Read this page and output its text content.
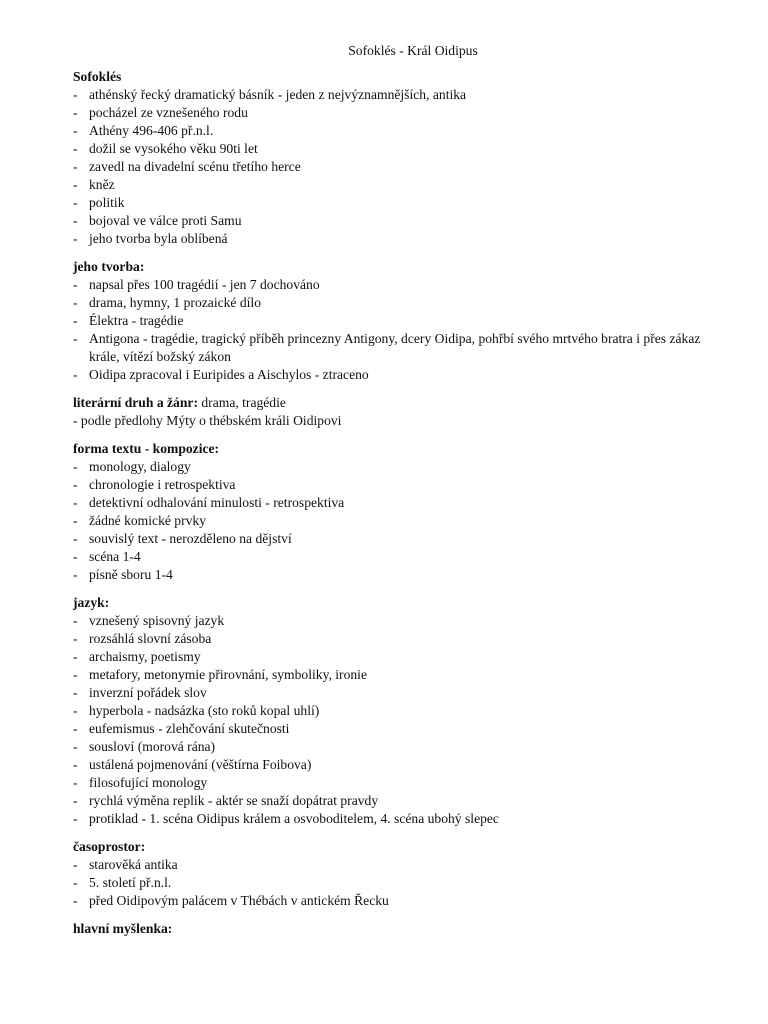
Sofoklés - Král Oidipus
Sofoklés
- athénský řecký dramatický básník - jeden z nejvýznamnějších, antika
- pocházel ze vznešeného rodu
- Athény 496-406 př.n.l.
- dožil se vysokého věku 90ti let
- zavedl na divadelní scénu třetího herce
- kněz
- politik
- bojoval ve válce proti Samu
- jeho tvorba byla oblíbená
jeho tvorba:
- napsal přes 100 tragédií - jen 7 dochováno
- drama, hymny, 1 prozaické dílo
- Élektra - tragédie
- Antigona - tragédie, tragický příběh princezny Antigony, dcery Oidipa, pohřbí svého mrtvého bratra i přes zákaz krále, vítězí božský zákon
- Oidipa zpracoval i Euripides a Aischylos - ztraceno
literární druh a žánr: drama, tragédie
- podle předlohy Mýty o thébském králi Oidipovi
forma textu - kompozice:
- monology, dialogy
- chronologie i retrospektiva
- detektivní odhalování minulosti - retrospektiva
- žádné komické prvky
- souvislý text - nerozděleno na dějství
- scéna 1-4
- písně sboru 1-4
jazyk:
- vznešený spisovný jazyk
- rozsáhlá slovní zásoba
- archaismy, poetismy
- metafory, metonymie přirovnání, symboliky, ironie
- inverzní pořádek slov
- hyperbola - nadsázka (sto roků kopal uhlí)
- eufemismus - zlehčování skutečnosti
- sousloví (morová rána)
- ustálená pojmenování (věštírna Foibova)
- filosofující monology
- rychlá výměna replik - aktér se snaží dopátrat pravdy
- protiklad - 1. scéna Oidipus králem a osvoboditelem, 4. scéna ubohý slepec
časoprostor:
- starověká antika
- 5. století př.n.l.
- před Oidipovým palácem v Thébách v antickém Řecku
hlavní myšlenka:
